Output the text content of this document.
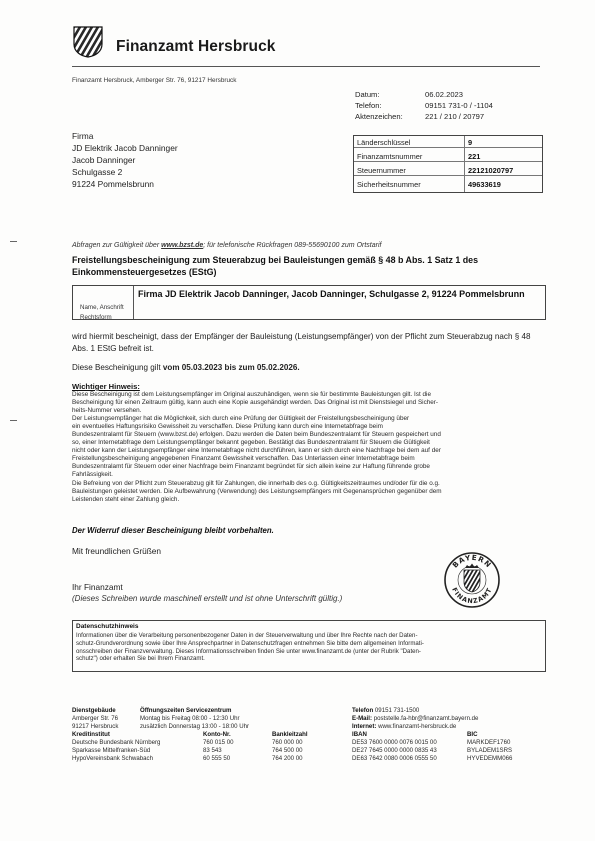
Finanzamt Hersbruck
Finanzamt Hersbruck, Amberger Str. 76, 91217 Hersbruck
Datum:	06.02.2023
Telefon:	09151 731-0 / -1104
Aktenzeichen:	221 / 210 / 20797
Firma
JD Elektrik Jacob Danninger
Jacob Danninger
Schulgasse 2
91224 Pommelsbrunn
Länderschlüssel	9
Finanzamtsnummer	221
Steuernummer	22121020797
Sicherheitsnummer	49633619
Abfragen zur Gültigkeit über www.bzst.de; für telefonische Rückfragen 089-55690100 zum Ortstarif
Freistellungsbescheinigung zum Steuerabzug bei Bauleistungen gemäß § 48 b Abs. 1 Satz 1 des Einkommensteuergesetzes (EStG)
Name, Anschrift
Rechtsform
Firma JD Elektrik Jacob Danninger, Jacob Danninger, Schulgasse 2, 91224 Pommelsbrunn
wird hiermit bescheinigt, dass der Empfänger der Bauleistung (Leistungsempfänger) von der Pflicht zum Steuerabzug nach § 48 Abs. 1 EStG befreit ist.
Diese Bescheinigung gilt vom 05.03.2023 bis zum 05.02.2026.
Wichtiger Hinweis:
Diese Bescheinigung ist dem Leistungsempfänger im Original auszuhändigen, wenn sie für bestimmte Bauleistungen gilt. Ist die
Bescheinigung für einen Zeitraum gültig, kann auch eine Kopie ausgehändigt werden. Das Original ist mit Dienstsiegel und Sicher-
heits-Nummer versehen.
Der Leistungsempfänger hat die Möglichkeit, sich durch eine Prüfung der Gültigkeit der Freistellungsbescheinigung über
ein eventuelles Haftungsrisiko Gewissheit zu verschaffen. Diese Prüfung kann durch eine Internetabfrage beim
Bundeszentralamt für Steuern (www.bzst.de) erfolgen. Dazu werden die Daten beim Bundeszentralamt für Steuern gespeichert und
so, einer Internetabfrage dem Leistungsempfänger bekannt gegeben. Bestätigt das Bundeszentralamt für Steuern die Gültigkeit
nicht oder kann der Leistungsempfänger eine Internetabfrage nicht durchführen, kann er sich durch eine Nachfrage bei dem auf der
Freistellungsbescheinigung angegebenen Finanzamt Gewissheit verschaffen. Das Unterlassen einer Internetabfrage beim
Bundeszentralamt für Steuern oder einer Nachfrage beim Finanzamt begründet für sich allein keine zur Haftung führende grobe
Fahrlässigkeit.
Die Befreiung von der Pflicht zum Steuerabzug gilt für Zahlungen, die innerhalb des o.g. Gültigkeitszeitraumes und/oder für die o.g.
Bauleistungen geleistet werden. Die Aufbewahrung (Verwendung) des Leistungsempfängers mit Gegenansprüchen gegenüber dem
Leistenden steht einer Zahlung gleich.
Der Widerruf dieser Bescheinigung bleibt vorbehalten.
Mit freundlichen Grüßen
Ihr Finanzamt
(Dieses Schreiben wurde maschinell erstellt und ist ohne Unterschrift gültig.)
BAYERN
FINANZAMT
Datenschutzhinweis
Informationen über die Verarbeitung personenbezogener Daten in der Steuerverwaltung und über Ihre Rechte nach der Daten-
schutz-Grundverordnung sowie über Ihre Ansprechpartner in Datenschutzfragen entnehmen Sie bitte dem allgemeinen Informati-
onsschreiben der Finanzverwaltung. Dieses Informationsschreiben finden Sie unter www.finanzamt.de (unter der Rubrik "Daten-
schutz") oder erhalten Sie bei Ihrem Finanzamt.
Dienstgebäude
Amberger Str. 76
91217 Hersbruck
Öffnungszeiten Servicezentrum
Montag bis Freitag 08:00 - 12:30 Uhr
zusätzlich Donnerstag 13:00 - 18:00 Uhr
Telefon 09151 731-1500
E-Mail: poststelle.fa-hbr@finanzamt.bayern.de
Internet: www.finanzamt-hersbruck.de
Kreditinstitut	Konto-Nr.	Bankleitzahl	IBAN	BIC
Deutsche Bundesbank Nürnberg	760 015 00	760 000 00	DE53 7600 0000 0076 0015 00	MARKDEF1760
Sparkasse Mittelfranken-Süd	83 543	764 500 00	DE27 7645 0000 0000 0835 43	BYLADEM1SRS
HypoVereinsbank Schwabach	60 555 50	764 200 00	DE63 7642 0080 0006 0555 50	HYVEDEMM066
